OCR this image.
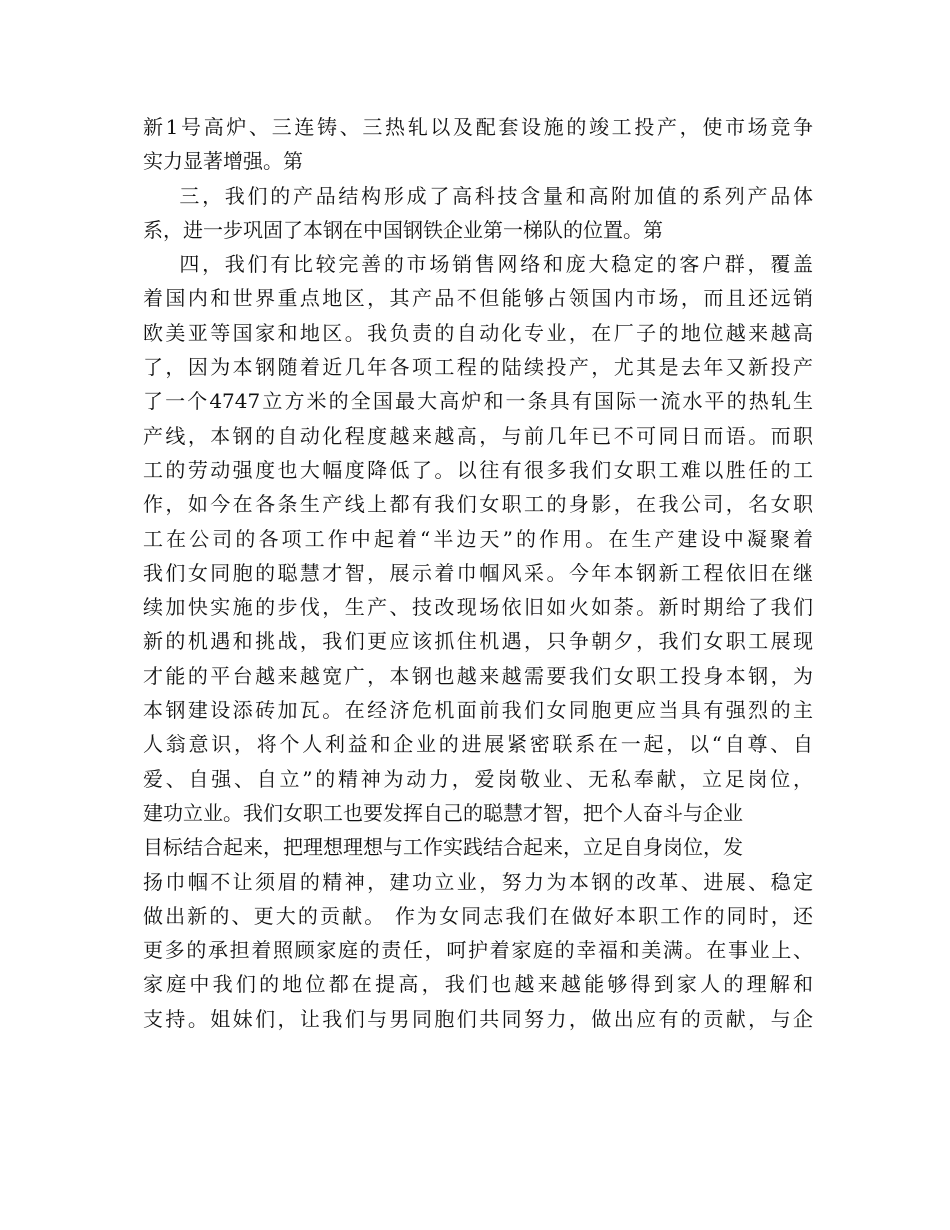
新1号高炉、三连铸、三热轧以及配套设施的竣工投产，使市场竞争
实力显著增强。第
三，我们的产品结构形成了高科技含量和高附加值的系列产品体
系，进一步巩固了本钢在中国钢铁企业第一梯队的位置。第
四，我们有比较完善的市场销售网络和庞大稳定的客户群，覆盖
着国内和世界重点地区，其产品不但能够占领国内市场，而且还远销
欧美亚等国家和地区。我负责的自动化专业，在厂子的地位越来越高
了，因为本钢随着近几年各项工程的陆续投产，尤其是去年又新投产
了一个4747立方米的全国最大高炉和一条具有国际一流水平的热轧生
产线，本钢的自动化程度越来越高，与前几年已不可同日而语。而职
工的劳动强度也大幅度降低了。以往有很多我们女职工难以胜任的工
作，如今在各条生产线上都有我们女职工的身影，在我公司，名女职
工在公司的各项工作中起着“半边天”的作用。在生产建设中凝聚着
我们女同胞的聪慧才智，展示着巾帼风采。今年本钢新工程依旧在继
续加快实施的步伐，生产、技改现场依旧如火如荼。新时期给了我们
新的机遇和挑战，我们更应该抓住机遇，只争朝夕，我们女职工展现
才能的平台越来越宽广，本钢也越来越需要我们女职工投身本钢，为
本钢建设添砖加瓦。在经济危机面前我们女同胞更应当具有强烈的主
人翁意识，将个人利益和企业的进展紧密联系在一起，以“自尊、自
爱、自强、自立”的精神为动力，爱岗敬业、无私奉献，立足岗位，
建功立业。我们女职工也要发挥自己的聪慧才智，把个人奋斗与企业
目标结合起来，把理想理想与工作实践结合起来，立足自身岗位，发
扬巾帼不让须眉的精神，建功立业，努力为本钢的改革、进展、稳定
做出新的、更大的贡献。 作为女同志我们在做好本职工作的同时，还
更多的承担着照顾家庭的责任，呵护着家庭的幸福和美满。在事业上、
家庭中我们的地位都在提高，我们也越来越能够得到家人的理解和
支持。姐妹们，让我们与男同胞们共同努力，做出应有的贡献，与企
